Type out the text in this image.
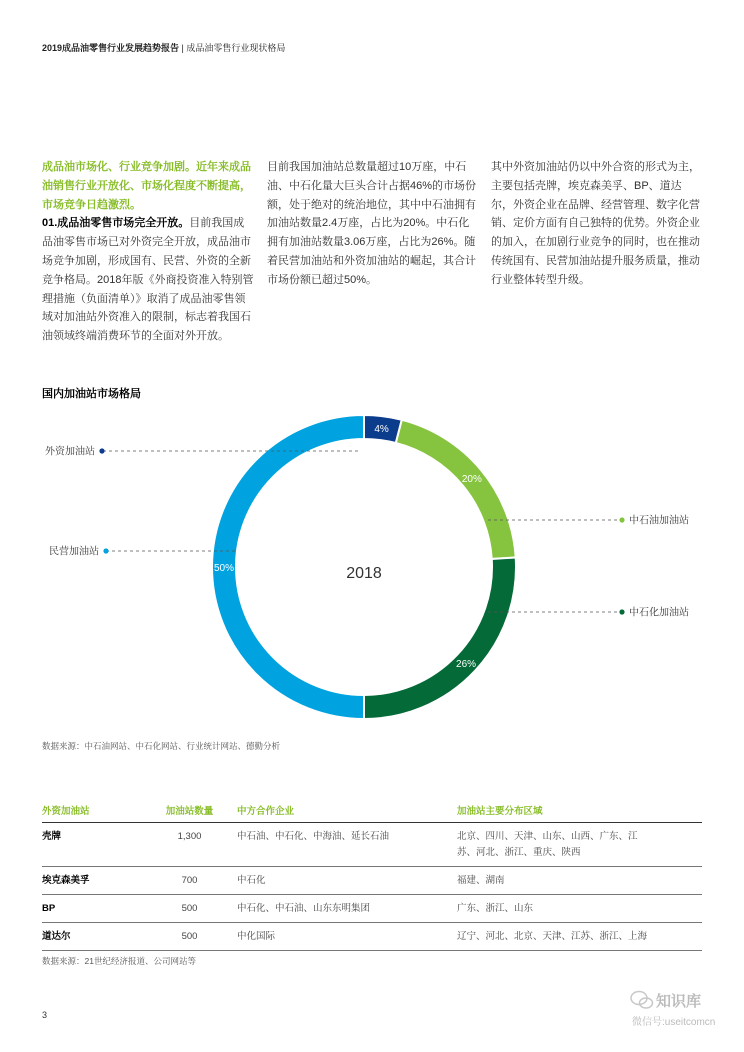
2019成品油零售行业发展趋势报告 | 成品油零售行业现状格局
成品油市场化、行业竞争加剧。近年来成品油销售行业开放化、市场化程度不断提高，市场竞争日趋激烈。
01.成品油零售市场完全开放。目前我国成品油零售市场已对外资完全开放，成品油市场竞争加剧，形成国有、民营、外资的全新竞争格局。2018年版《外商投资准入特别管理措施（负面清单）》取消了成品油零售领域对加油站外资准入的限制，标志着我国石油领域终端消费环节的全面对外开放。
目前我国加油站总数量超过10万座，中石油、中石化量大巨头合计占据46%的市场份额，处于绝对的统治地位，其中中石油拥有加油站数量2.4万座，占比为20%。中石化拥有加油站数量3.06万座，占比为26%。随着民营加油站和外资加油站的崛起，其合计市场份额已超过50%。
其中外资加油站仍以中外合资的形式为主，主要包括壳牌，埃克森美孚、BP、道达尔，外资企业在品牌、经营管理、数字化营销、定价方面有自己独特的优势。外资企业的加入，在加剧行业竞争的同时，也在推动传统国有、民营加油站提升服务质量，推动行业整体转型升级。
国内加油站市场格局
4%
20%
26%
50%
外资加油站
民营加油站
中石油加油站
中石化加油站
2018
数据来源：中石油网站、中石化网站、行业统计网站、德勤分析
外资加油站	加油站数量	中方合作企业	加油站主要分布区域
壳牌	1,300	中石油、中石化、中海油、延长石油	北京、四川、天津、山东、山西、广东、江
苏、河北、浙江、重庆、陕西
埃克森美孚	700	中石化	福建、湖南
BP	500	中石化、中石油、山东东明集团	广东、浙江、山东
道达尔	500	中化国际	辽宁、河北、北京、天津、江苏、浙江、上海
数据来源：21世纪经济报道、公司网站等
3
知识库
微信号:useitcomcn
